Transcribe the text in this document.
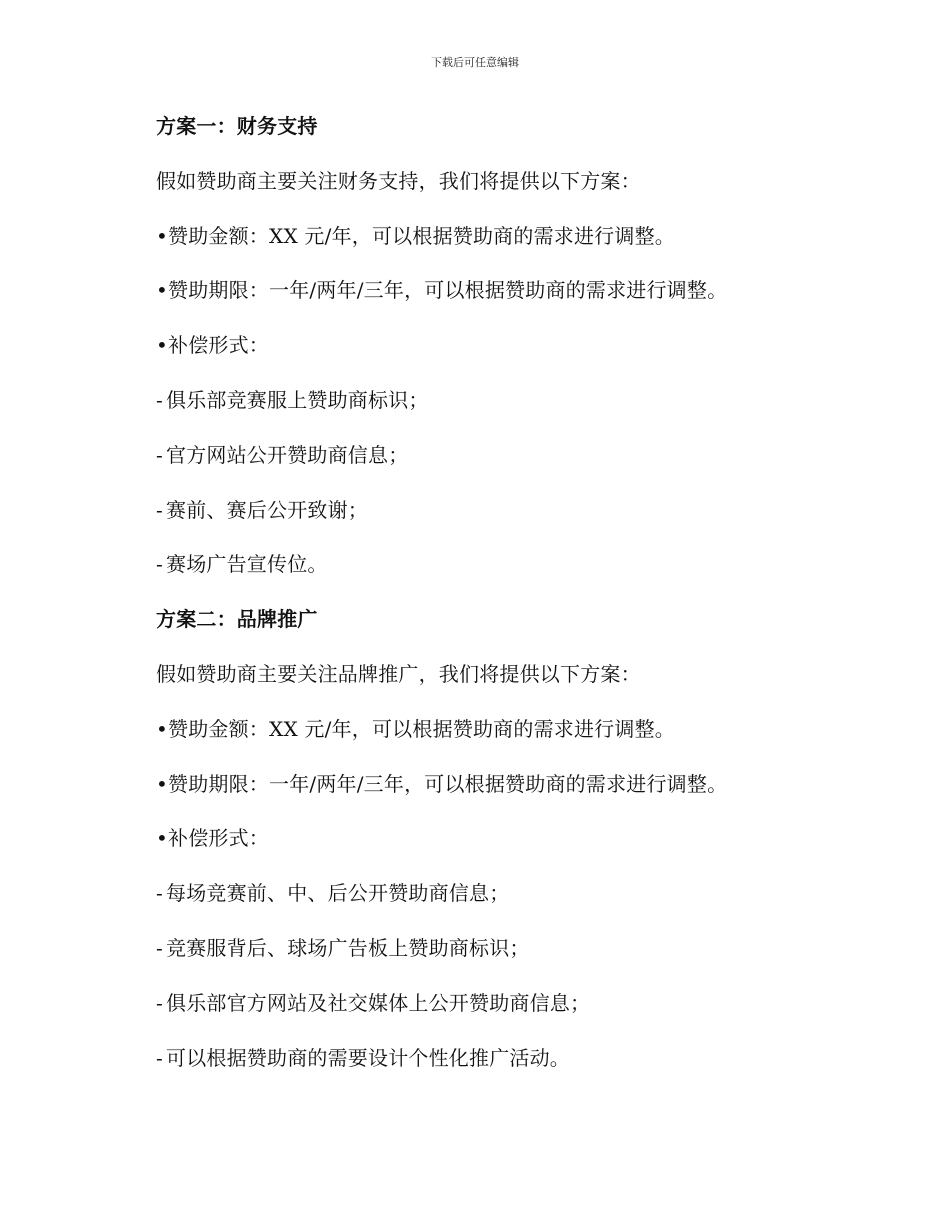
下载后可任意编辑
方案一：财务支持
假如赞助商主要关注财务支持，我们将提供以下方案：
•赞助金额：XX 元/年，可以根据赞助商的需求进行调整。
•赞助期限：一年/两年/三年，可以根据赞助商的需求进行调整。
•补偿形式：
- 俱乐部竞赛服上赞助商标识；
- 官方网站公开赞助商信息；
- 赛前、赛后公开致谢；
- 赛场广告宣传位。
方案二：品牌推广
假如赞助商主要关注品牌推广，我们将提供以下方案：
•赞助金额：XX 元/年，可以根据赞助商的需求进行调整。
•赞助期限：一年/两年/三年，可以根据赞助商的需求进行调整。
•补偿形式：
- 每场竞赛前、中、后公开赞助商信息；
- 竞赛服背后、球场广告板上赞助商标识；
- 俱乐部官方网站及社交媒体上公开赞助商信息；
- 可以根据赞助商的需要设计个性化推广活动。
